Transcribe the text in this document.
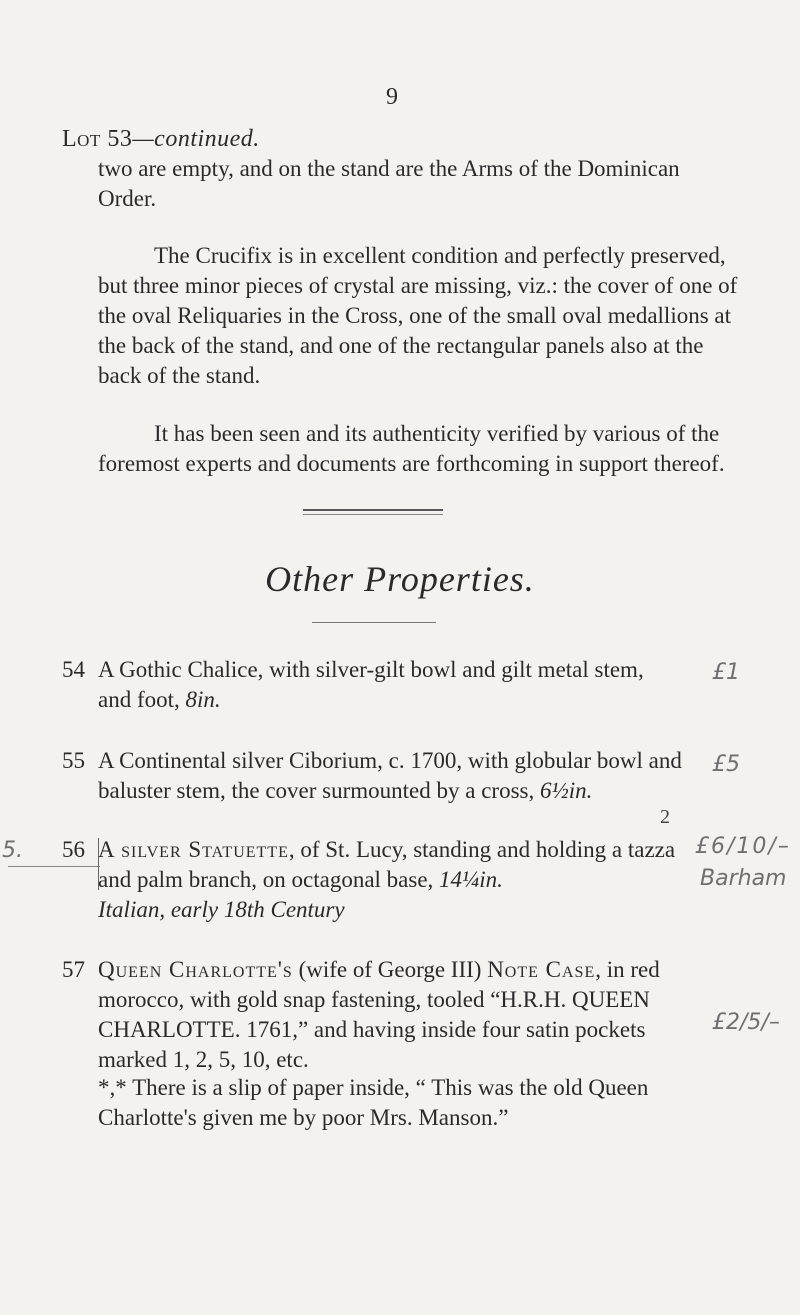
9
Lot 53—continued.

two are empty, and on the stand are the Arms of the Dominican Order.

The Crucifix is in excellent condition and perfectly preserved, but three minor pieces of crystal are missing, viz.: the cover of one of the oval Reliquaries in the Cross, one of the small oval medallions at the back of the stand, and one of the rectangular panels also at the back of the stand.

It has been seen and its authenticity verified by various of the foremost experts and documents are forthcoming in support thereof.

Other Properties.
54 A Gothic Chalice, with silver-gilt bowl and gilt metal stem, and foot, 8in.
55 A Continental silver Ciborium, c. 1700, with globular bowl and baluster stem, the cover surmounted by a cross, 6½in.
2
5. 56 A silver Statuette, of St. Lucy, standing and holding a tazza and palm branch, on octagonal base, 14¼in.
Italian, early 18th Century
57 Queen Charlotte's (wife of George III) Note Case, in red morocco, with gold snap fastening, tooled “H.R.H. QUEEN CHARLOTTE. 1761,” and having inside four satin pockets marked 1, 2, 5, 10, etc.
*,* There is a slip of paper inside, “ This was the old Queen Charlotte's given me by poor Mrs. Manson.”
£1
£5
£6/10/–
Barham
£2/5/–
